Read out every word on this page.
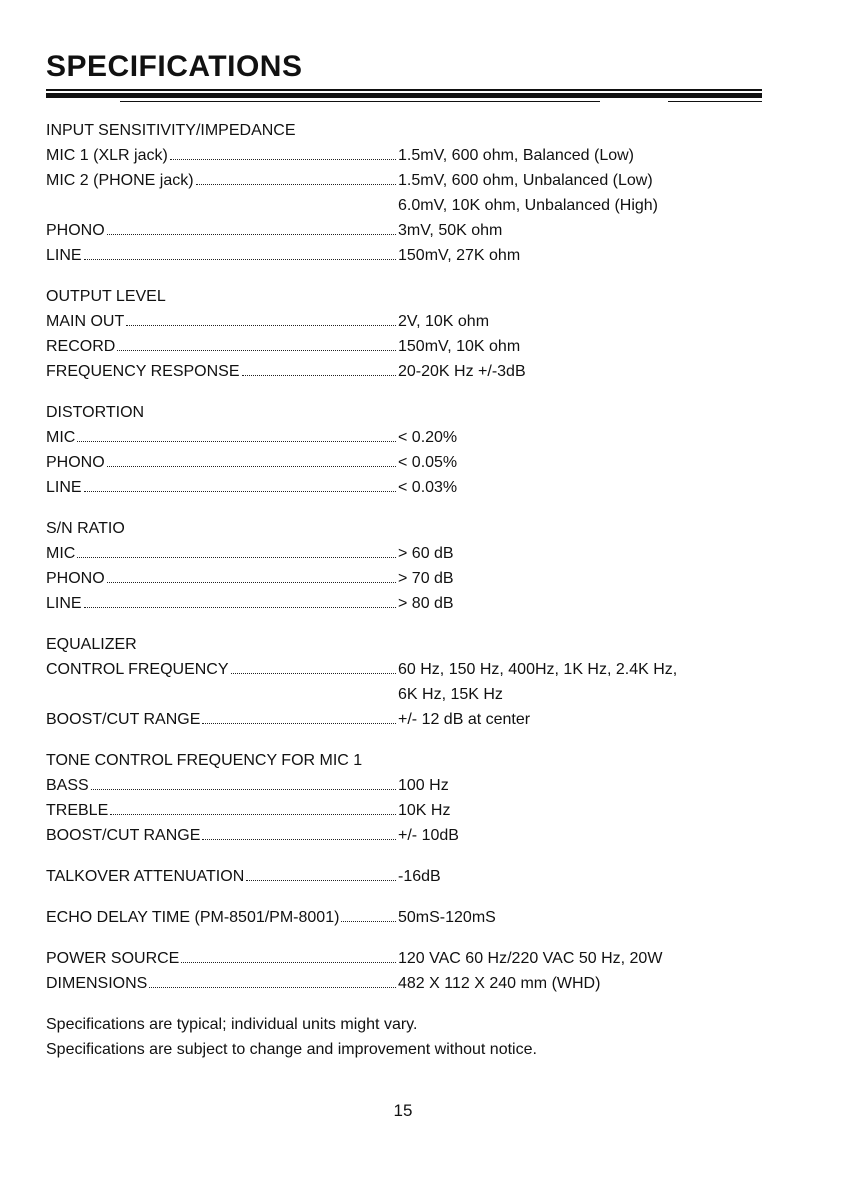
SPECIFICATIONS
INPUT SENSITIVITY/IMPEDANCE
MIC 1 (XLR jack)	1.5mV, 600 ohm, Balanced (Low)
MIC 2 (PHONE jack)	1.5mV, 600 ohm, Unbalanced (Low)
6.0mV, 10K ohm, Unbalanced (High)
PHONO	3mV, 50K ohm
LINE	150mV, 27K ohm
OUTPUT LEVEL
MAIN OUT	2V, 10K ohm
RECORD	150mV, 10K ohm
FREQUENCY RESPONSE	20-20K Hz +/-3dB
DISTORTION
MIC	< 0.20%
PHONO	< 0.05%
LINE	< 0.03%
S/N RATIO
MIC	> 60 dB
PHONO	> 70 dB
LINE	> 80 dB
EQUALIZER
CONTROL FREQUENCY	60 Hz, 150 Hz, 400Hz, 1K Hz, 2.4K Hz,
6K Hz, 15K Hz
BOOST/CUT RANGE	+/- 12 dB at center
TONE CONTROL FREQUENCY FOR MIC 1
BASS	100 Hz
TREBLE	10K Hz
BOOST/CUT RANGE	+/- 10dB
TALKOVER ATTENUATION	-16dB
ECHO DELAY TIME (PM-8501/PM-8001)	50mS-120mS
POWER SOURCE	120 VAC 60 Hz/220 VAC 50 Hz, 20W
DIMENSIONS	482 X 112 X 240 mm (WHD)
Specifications are typical; individual units might vary.
Specifications are subject to change and improvement without notice.
15
